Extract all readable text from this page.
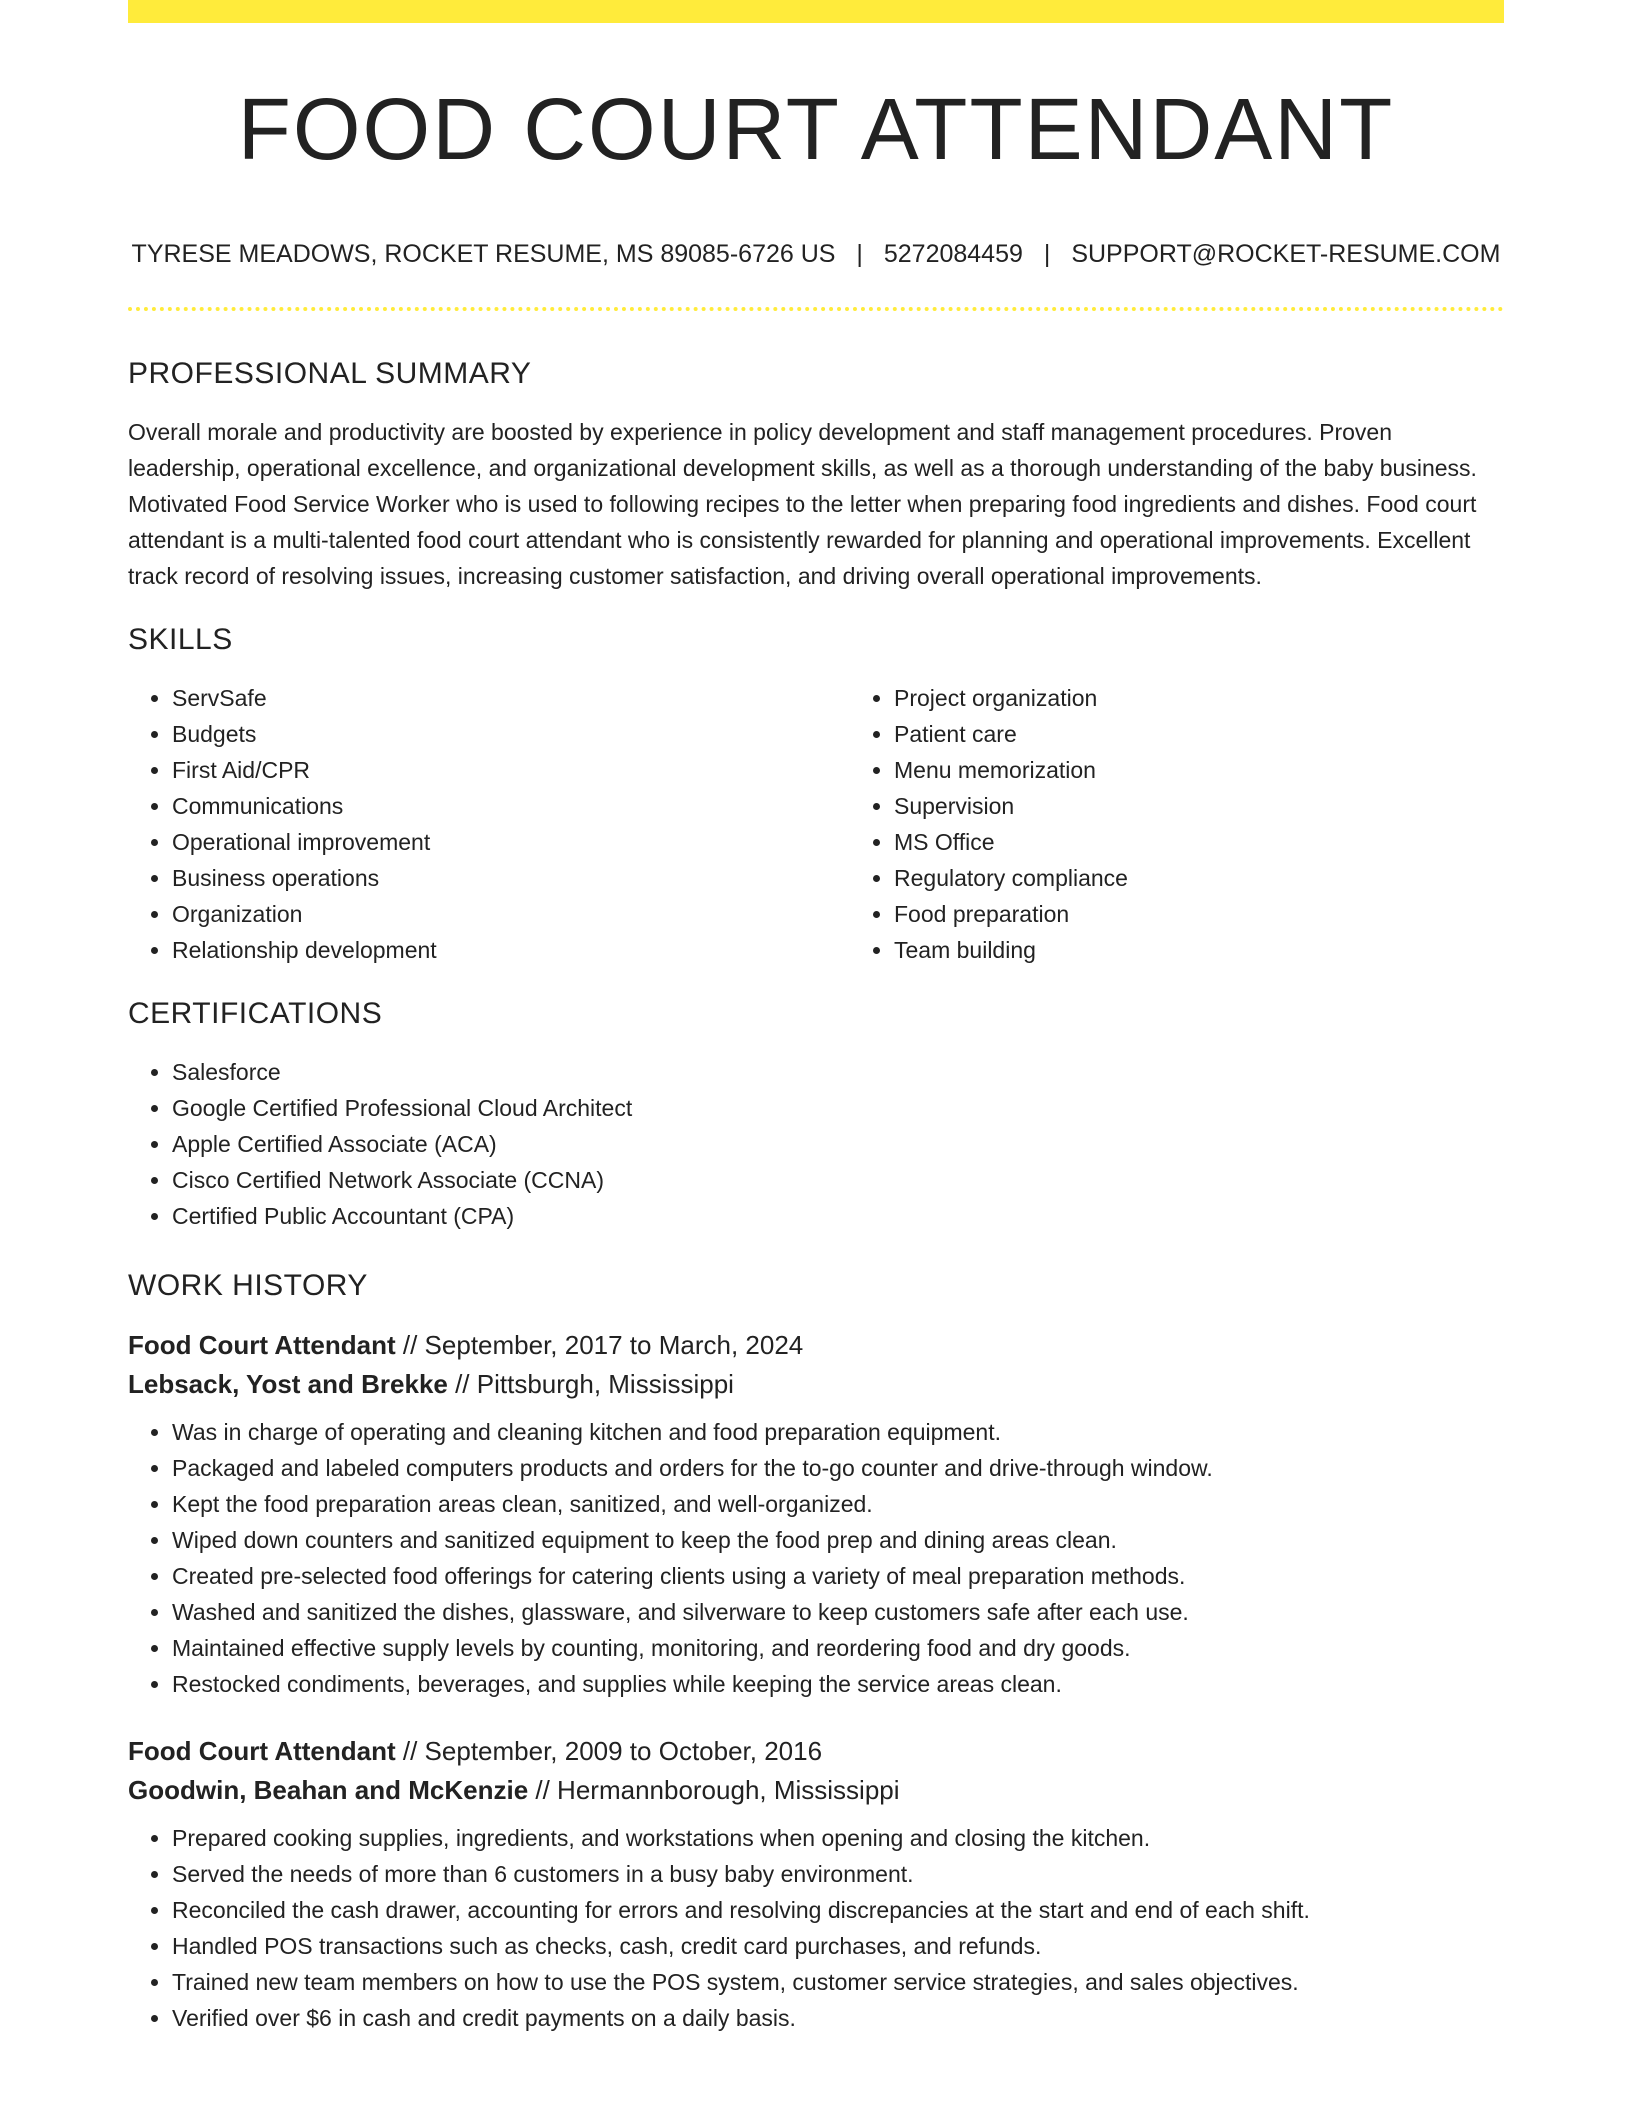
FOOD COURT ATTENDANT
TYRESE MEADOWS, ROCKET RESUME, MS 89085-6726 US | 5272084459 | SUPPORT@ROCKET-RESUME.COM
PROFESSIONAL SUMMARY

Overall morale and productivity are boosted by experience in policy development and staff management procedures. Proven leadership, operational excellence, and organizational development skills, as well as a thorough understanding of the baby business. Motivated Food Service Worker who is used to following recipes to the letter when preparing food ingredients and dishes. Food court attendant is a multi-talented food court attendant who is consistently rewarded for planning and operational improvements. Excellent track record of resolving issues, increasing customer satisfaction, and driving overall operational improvements.

SKILLS
• ServSafe
• Budgets
• First Aid/CPR
• Communications
• Operational improvement
• Business operations
• Organization
• Relationship development
• Project organization
• Patient care
• Menu memorization
• Supervision
• MS Office
• Regulatory compliance
• Food preparation
• Team building
CERTIFICATIONS
• Salesforce
• Google Certified Professional Cloud Architect
• Apple Certified Associate (ACA)
• Cisco Certified Network Associate (CCNA)
• Certified Public Accountant (CPA)
WORK HISTORY
Food Court Attendant // September, 2017 to March, 2024
Lebsack, Yost and Brekke // Pittsburgh, Mississippi
• Was in charge of operating and cleaning kitchen and food preparation equipment.
• Packaged and labeled computers products and orders for the to-go counter and drive-through window.
• Kept the food preparation areas clean, sanitized, and well-organized.
• Wiped down counters and sanitized equipment to keep the food prep and dining areas clean.
• Created pre-selected food offerings for catering clients using a variety of meal preparation methods.
• Washed and sanitized the dishes, glassware, and silverware to keep customers safe after each use.
• Maintained effective supply levels by counting, monitoring, and reordering food and dry goods.
• Restocked condiments, beverages, and supplies while keeping the service areas clean.
Food Court Attendant // September, 2009 to October, 2016
Goodwin, Beahan and McKenzie // Hermannborough, Mississippi
• Prepared cooking supplies, ingredients, and workstations when opening and closing the kitchen.
• Served the needs of more than 6 customers in a busy baby environment.
• Reconciled the cash drawer, accounting for errors and resolving discrepancies at the start and end of each shift.
• Handled POS transactions such as checks, cash, credit card purchases, and refunds.
• Trained new team members on how to use the POS system, customer service strategies, and sales objectives.
• Verified over $6 in cash and credit payments on a daily basis.
